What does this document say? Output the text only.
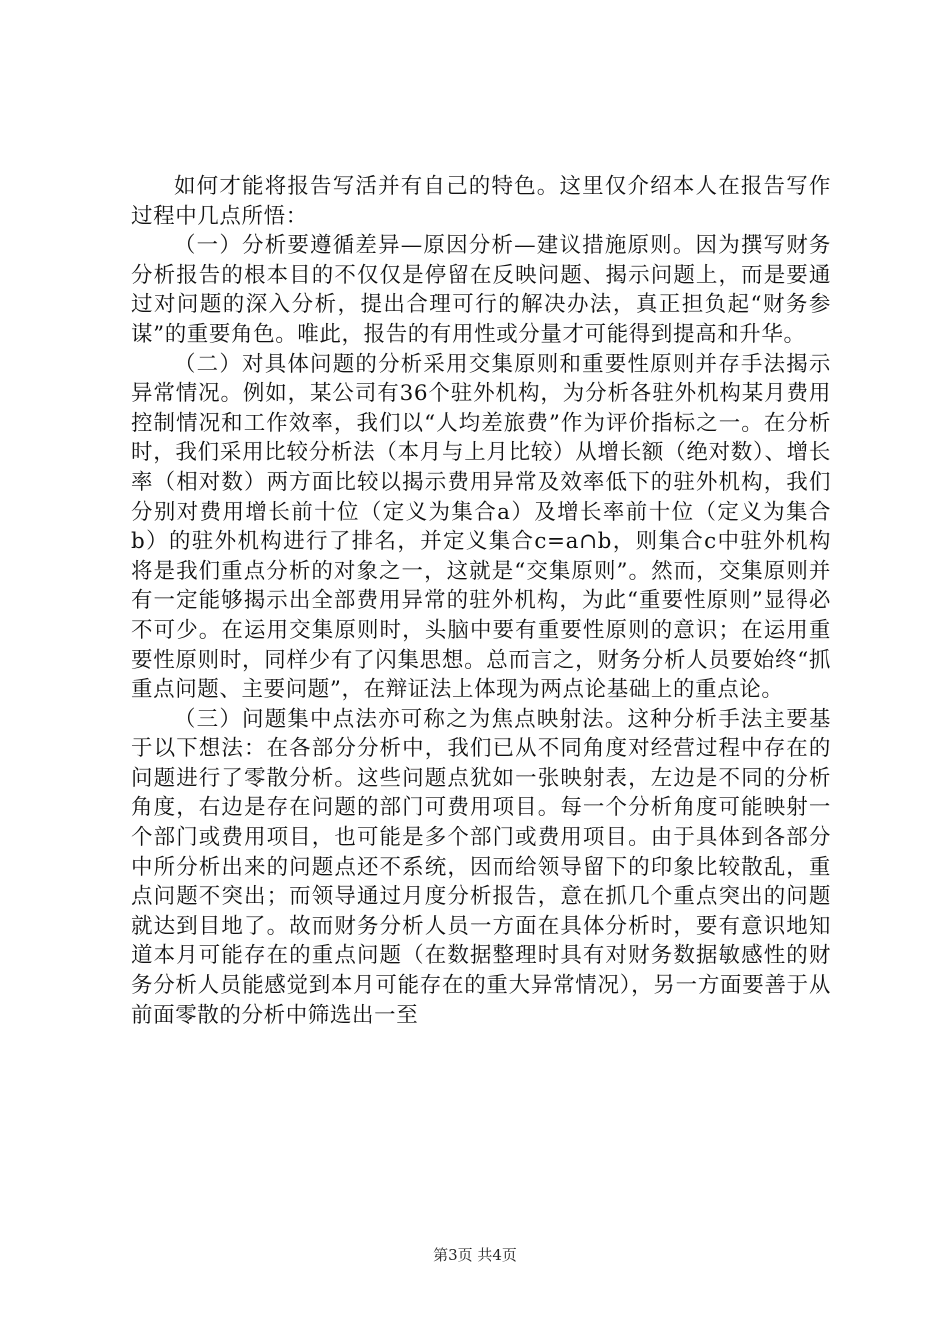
如何才能将报告写活并有自己的特色。这里仅介绍本人在报告写作过程中几点所悟：

（一）分析要遵循差异—原因分析—建议措施原则。因为撰写财务分析报告的根本目的不仅仅是停留在反映问题、揭示问题上，而是要通过对问题的深入分析，提出合理可行的解决办法，真正担负起“财务参谋”的重要角色。唯此，报告的有用性或分量才可能得到提高和升华。

（二）对具体问题的分析采用交集原则和重要性原则并存手法揭示异常情况。例如，某公司有36个驻外机构，为分析各驻外机构某月费用控制情况和工作效率，我们以“人均差旅费”作为评价指标之一。在分析时，我们采用比较分析法（本月与上月比较）从增长额（绝对数）、增长率（相对数）两方面比较以揭示费用异常及效率低下的驻外机构，我们分别对费用增长前十位（定义为集合a）及增长率前十位（定义为集合b）的驻外机构进行了排名，并定义集合c=a∩b，则集合c中驻外机构将是我们重点分析的对象之一，这就是“交集原则”。然而，交集原则并有一定能够揭示出全部费用异常的驻外机构，为此“重要性原则”显得必不可少。在运用交集原则时，头脑中要有重要性原则的意识；在运用重要性原则时，同样少有了闪集思想。总而言之，财务分析人员要始终“抓重点问题、主要问题”，在辩证法上体现为两点论基础上的重点论。

（三）问题集中点法亦可称之为焦点映射法。这种分析手法主要基于以下想法：在各部分分析中，我们已从不同角度对经营过程中存在的问题进行了零散分析。这些问题点犹如一张映射表，左边是不同的分析角度，右边是存在问题的部门可费用项目。每一个分析角度可能映射一个部门或费用项目，也可能是多个部门或费用项目。由于具体到各部分中所分析出来的问题点还不系统，因而给领导留下的印象比较散乱，重点问题不突出；而领导通过月度分析报告，意在抓几个重点突出的问题就达到目地了。故而财务分析人员一方面在具体分析时，要有意识地知道本月可能存在的重点问题（在数据整理时具有对财务数据敏感性的财务分析人员能感觉到本月可能存在的重大异常情况），另一方面要善于从前面零散的分析中筛选出一至

第3页 共4页
